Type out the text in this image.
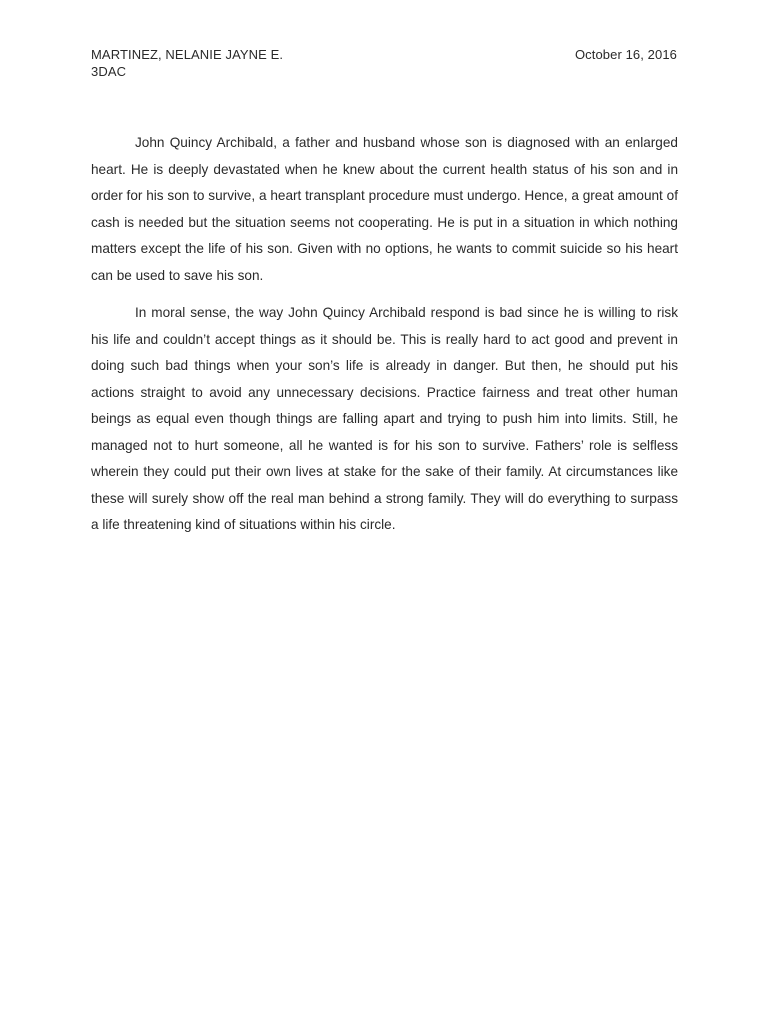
MARTINEZ, NELANIE JAYNE E.	October 16, 2016
3DAC

John Quincy Archibald, a father and husband whose son is diagnosed with an enlarged heart. He is deeply devastated when he knew about the current health status of his son and in order for his son to survive, a heart transplant procedure must undergo. Hence, a great amount of cash is needed but the situation seems not cooperating. He is put in a situation in which nothing matters except the life of his son. Given with no options, he wants to commit suicide so his heart can be used to save his son.

In moral sense, the way John Quincy Archibald respond is bad since he is willing to risk his life and couldn’t accept things as it should be. This is really hard to act good and prevent in doing such bad things when your son’s life is already in danger. But then, he should put his actions straight to avoid any unnecessary decisions. Practice fairness and treat other human beings as equal even though things are falling apart and trying to push him into limits. Still, he managed not to hurt someone, all he wanted is for his son to survive. Fathers’ role is selfless wherein they could put their own lives at stake for the sake of their family. At circumstances like these will surely show off the real man behind a strong family. They will do everything to surpass a life threatening kind of situations within his circle.
